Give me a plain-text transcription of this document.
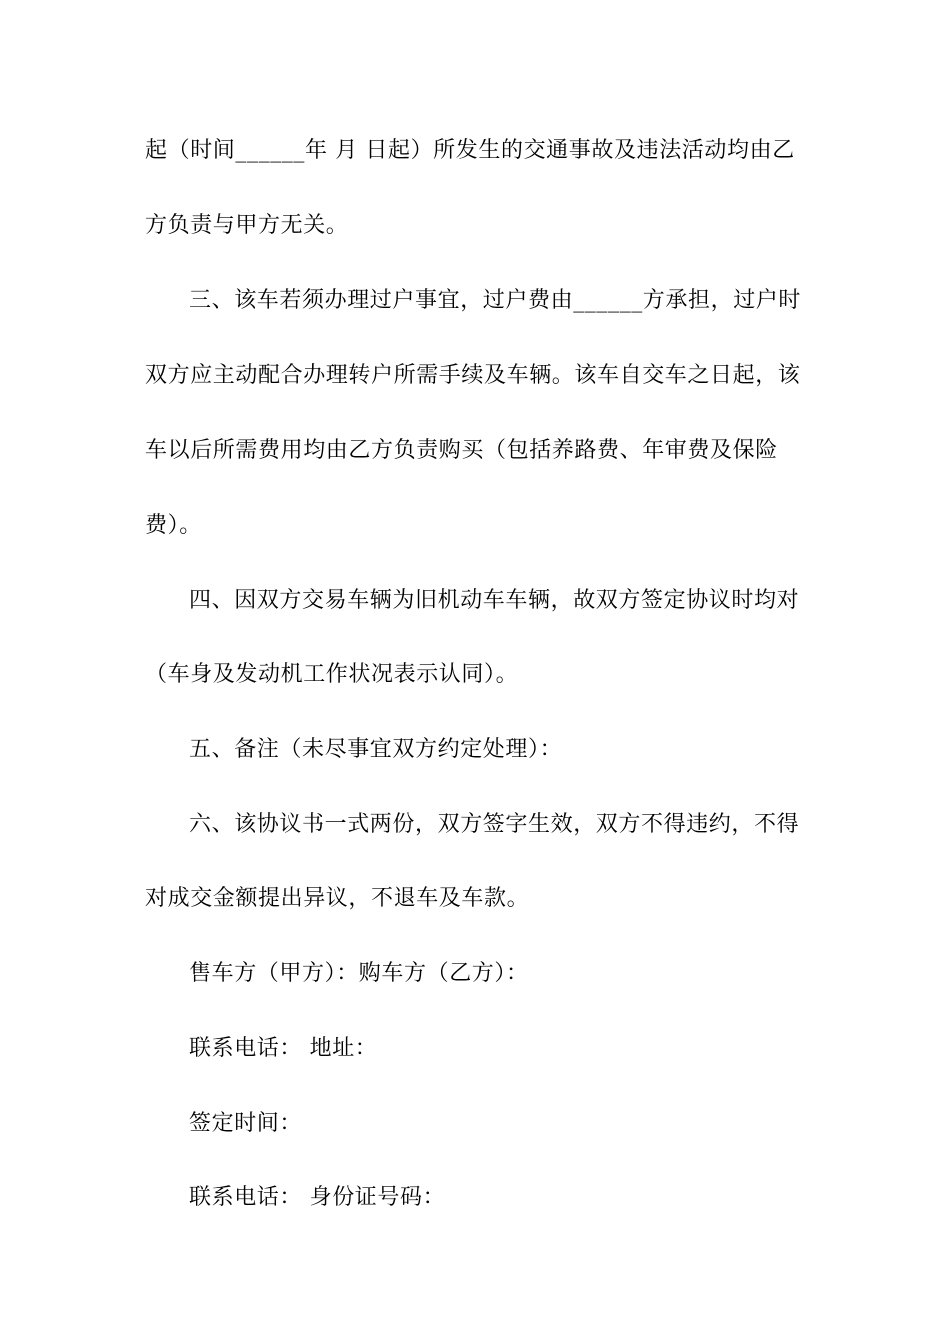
起（时间______年 月 日起）所发生的交通事故及违法活动均由乙
方负责与甲方无关。
三、该车若须办理过户事宜，过户费由______方承担，过户时
双方应主动配合办理转户所需手续及车辆。该车自交车之日起，该
车以后所需费用均由乙方负责购买（包括养路费、年审费及保险
费）。
四、因双方交易车辆为旧机动车车辆，故双方签定协议时均对
（车身及发动机工作状况表示认同）。
五、备注（未尽事宜双方约定处理）：
六、该协议书一式两份，双方签字生效，双方不得违约，不得
对成交金额提出异议，不退车及车款。
售车方（甲方）：购车方（乙方）：
联系电话： 地址：
签定时间：
联系电话： 身份证号码：
